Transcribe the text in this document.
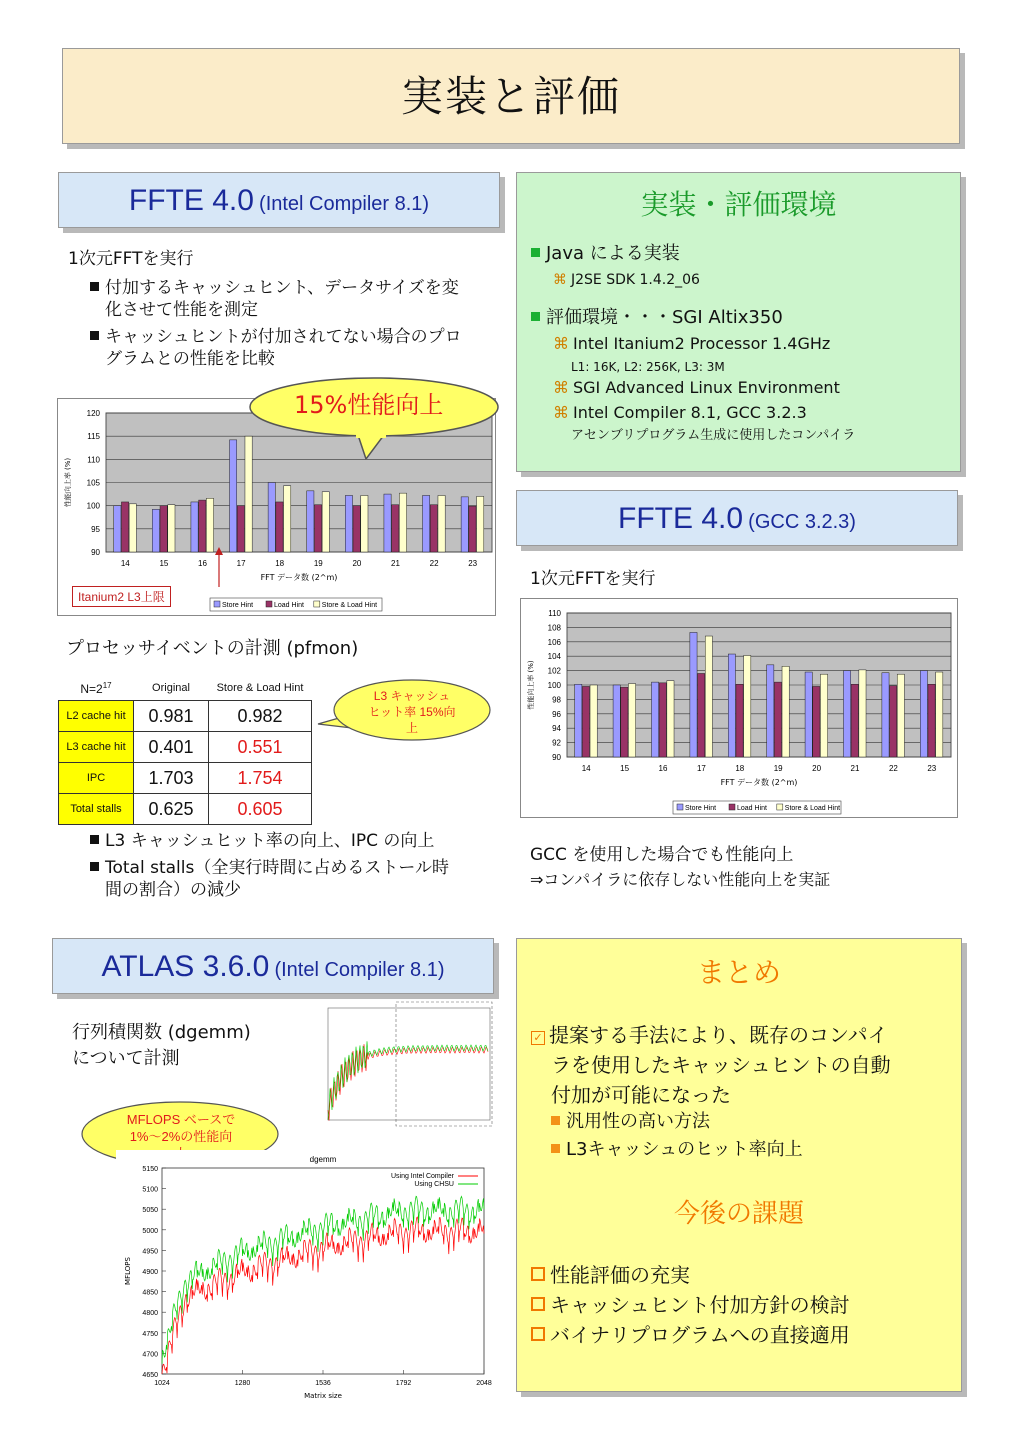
実装と評価
FFTE 4.0 (Intel Compiler 8.1)
1次元FFTを実行
付加するキャッシュヒント、データサイズを変
化させて性能を測定
キャッシュヒントが付加されてない場合のプロ
グラムとの性能を比較
90
95
100
105
110
115
120
14	15	16	17	18	19	20	21	22	23
FFT データ数 (2^m)
性能向上率 (%)
Store Hint	Load Hint	Store & Load Hint
15%性能向上
Itanium2 L3上限
プロセッサイベントの計測 (pfmon)
$N=2^{17}$	Original	Store & Load Hint
L2 cache hit	0.981	0.982
L3 cache hit	0.401	0.551
IPC	1.703	1.754
Total stalls	0.625	0.605
L3 キャッシュ
ヒット率 15%向
上
L3 キャッシュヒット率の向上、IPC の向上
Total stalls（全実行時間に占めるストール時
間の割合）の減少
実装・評価環境
Java による実装
⌘ J2SE SDK 1.4.2_06
評価環境・・・SGI Altix350
⌘ Intel Itanium2 Processor 1.4GHz
L1: 16K, L2: 256K, L3: 3M
⌘ SGI Advanced Linux Environment
⌘ Intel Compiler 8.1, GCC 3.2.3
アセンブリプログラム生成に使用したコンパイラ
FFTE 4.0 (GCC 3.2.3)
1次元FFTを実行
90
92
94
96
98
100
102
104
106
108
110
14	15	16	17	18	19	20	21	22	23
FFT データ数 (2^m)
性能向上率 (%)
Store Hint	Load Hint	Store & Load Hint
GCC を使用した場合でも性能向上
⇒コンパイラに依存しない性能向上を実証
ATLAS 3.6.0 (Intel Compiler 8.1)
行列積関数 (dgemm)
について計測
MFLOPS ベースで
1%～2%の性能向
dgemm
4650
4700
4750
4800
4850
4900
4950
5000
5050
5100
5150
1024	1280	1536	1792	2048
Matrix size
MFLOPS
Using Intel Compiler
Using CHSU
まとめ
✓ 提案する手法により、既存のコンパイ
ラを使用したキャッシュヒントの自動
付加が可能になった
汎用性の高い方法
L3キャッシュのヒット率向上
今後の課題
性能評価の充実
キャッシュヒント付加方針の検討
バイナリプログラムへの直接適用
